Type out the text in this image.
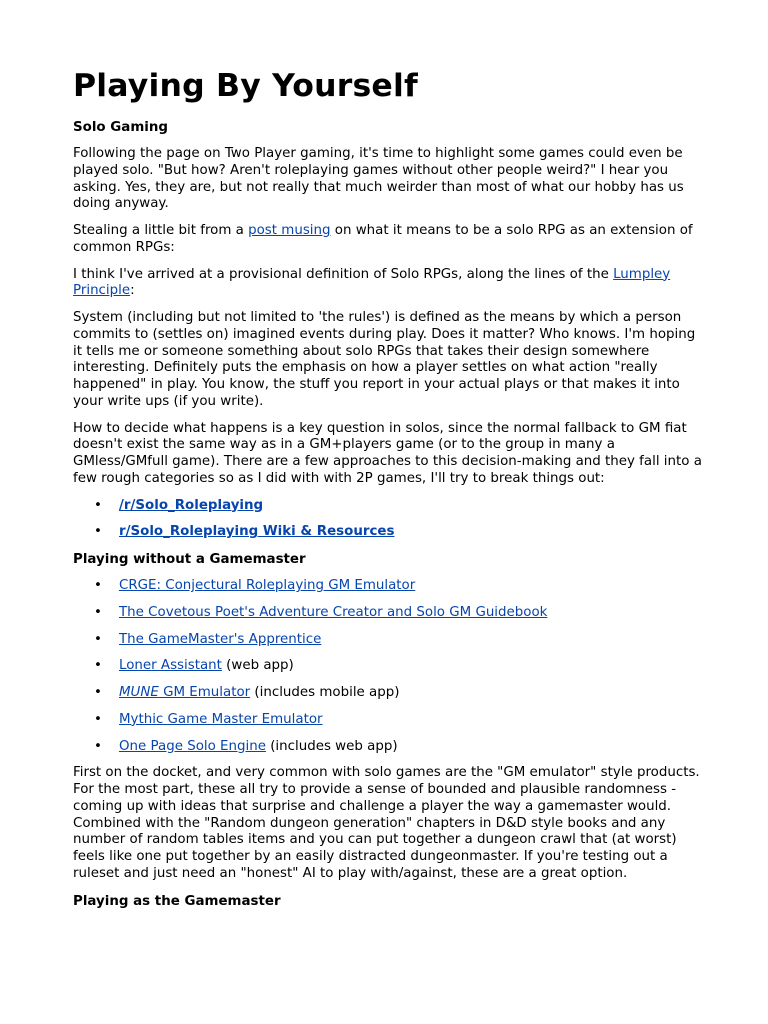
Playing By Yourself
Solo Gaming

Following the page on Two Player gaming, it's time to highlight some games could even be played solo. "But how? Aren't roleplaying games without other people weird?" I hear you asking. Yes, they are, but not really that much weirder than most of what our hobby has us doing anyway.

Stealing a little bit from a post musing on what it means to be a solo RPG as an extension of common RPGs:

I think I've arrived at a provisional definition of Solo RPGs, along the lines of the Lumpley Principle:

System (including but not limited to 'the rules') is defined as the means by which a person commits to (settles on) imagined events during play. Does it matter? Who knows. I'm hoping it tells me or someone something about solo RPGs that takes their design somewhere interesting. Definitely puts the emphasis on how a player settles on what action "really happened" in play. You know, the stuff you report in your actual plays or that makes it into your write ups (if you write).

How to decide what happens is a key question in solos, since the normal fallback to GM fiat doesn't exist the same way as in a GM+players game (or to the group in many a GMless/GMfull game). There are a few approaches to this decision-making and they fall into a few rough categories so as I did with with 2P games, I'll try to break things out:

• /r/Solo_Roleplaying
• r/Solo_Roleplaying Wiki & Resources
Playing without a Gamemaster
• CRGE: Conjectural Roleplaying GM Emulator
• The Covetous Poet's Adventure Creator and Solo GM Guidebook
• The GameMaster's Apprentice
• Loner Assistant (web app)
• MUNE GM Emulator (includes mobile app)
• Mythic Game Master Emulator
• One Page Solo Engine (includes web app)

First on the docket, and very common with solo games are the "GM emulator" style products. For the most part, these all try to provide a sense of bounded and plausible randomness - coming up with ideas that surprise and challenge a player the way a gamemaster would. Combined with the "Random dungeon generation" chapters in D&D style books and any number of random tables items and you can put together a dungeon crawl that (at worst) feels like one put together by an easily distracted dungeonmaster. If you're testing out a ruleset and just need an "honest" AI to play with/against, these are a great option.

Playing as the Gamemaster
